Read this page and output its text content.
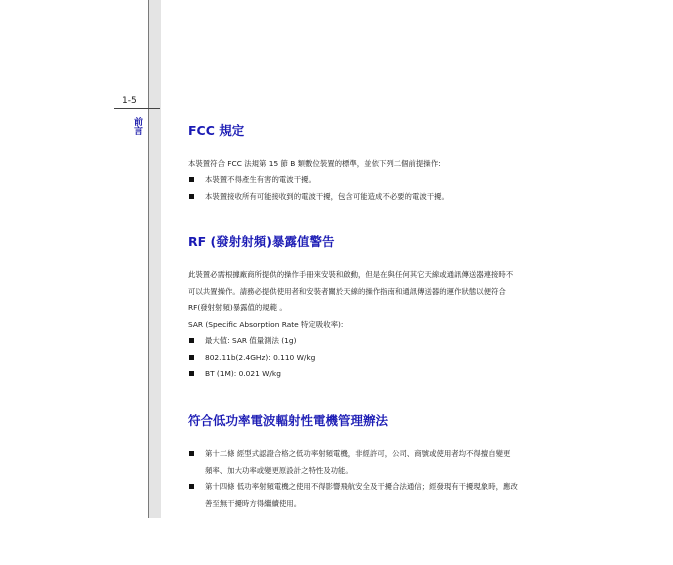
1-5
前言	FCC 規定
本裝置符合 FCC 法規第 15 節 B 類數位裝置的標準，並依下列二個前提操作:
本裝置不得產生有害的電波干擾。
本裝置接收所有可能接收到的電波干擾，包含可能造成不必要的電波干擾。
RF (發射射頻)暴露值警告
此裝置必需根據廠商所提供的操作手冊來安裝和啟動，但是在與任何其它天線或通訊傳送器連接時不
可以共置操作。請務必提供使用者和安裝者關於天線的操作指南和通訊傳送器的運作狀態以便符合
RF(發射射頻)暴露值的規範 。
SAR (Specific Absorption Rate 特定吸收率):
最大值: SAR 值量測法 (1g)
802.11b(2.4GHz): 0.110 W/kg
BT (1M): 0.021 W/kg
符合低功率電波輻射性電機管理辦法
第十二條 經型式認證合格之低功率射頻電機，非經許可，公司、商號或使用者均不得擅自變更
頻率、加大功率或變更原設計之特性及功能。
第十四條 低功率射頻電機之使用不得影響飛航安全及干擾合法通信；經發現有干擾現象時，應改
善至無干擾時方得繼續使用。
